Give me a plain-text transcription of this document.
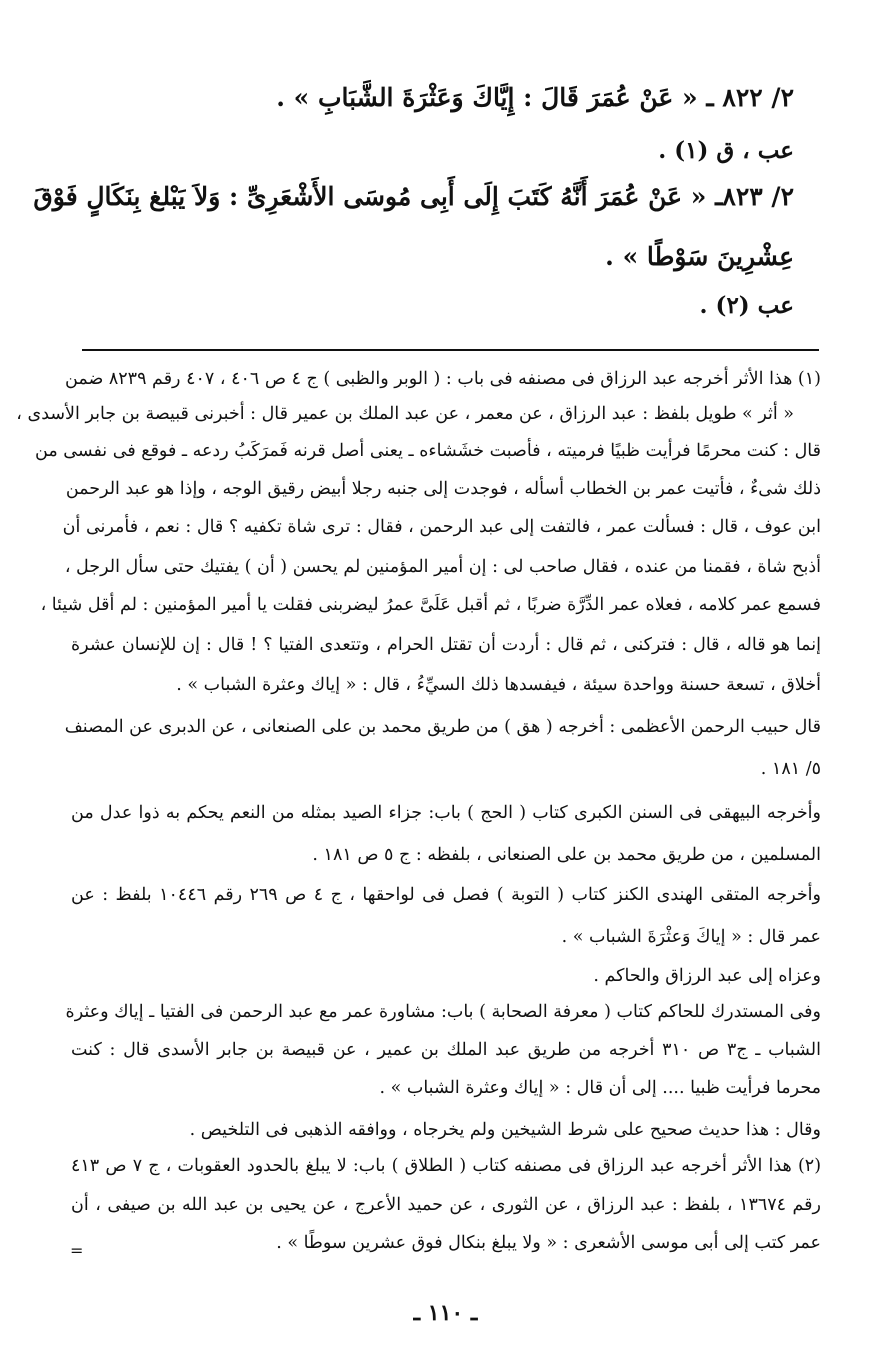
٢/ ٨٢٢ ـ « عَنْ عُمَرَ قَالَ : إِيَّاكَ وَعَثْرَةَ الشَّبَابِ » .
عب ، ق (١) .
٢/ ٨٢٣ـ « عَنْ عُمَرَ أَنَّهُ كَتَبَ إِلَى أَبِى مُوسَى الأَشْعَرِىِّ : وَلاَ يَبْلغ بِنَكَالٍ فَوْقَ
عِشْرِينَ سَوْطًا » .
عب (٢) .
(١) هذا الأثر أخرجه عبد الرزاق فى مصنفه فى باب : ( الوبر والظبى ) ج ٤ ص ٤٠٦ ، ٤٠٧ رقم ٨٢٣٩ ضمن
« أثر » طويل بلفظ : عبد الرزاق ، عن معمر ، عن عبد الملك بن عمير قال : أخبرنى قبيصة بن جابر الأسدى ،
قال : كنت محرمًا فرأيت ظبيًا فرميته ، فأصبت خشَشاءه ـ يعنى أصل قرنه فَمرَكَبُ ردعه ـ فوقع فى نفسى من
ذلك شىءٌ ، فأتيت عمر بن الخطاب أسأله ، فوجدت إلى جنبه رجلا أبيض رقيق الوجه ، وإذا هو عبد الرحمن
ابن عوف ، قال : فسألت عمر ، فالتفت إلى عبد الرحمن ، فقال : ترى شاة تكفيه ؟ قال : نعم ، فأمرنى أن
أذبح شاة ، فقمنا من عنده ، فقال صاحب لى : إن أمير المؤمنين لم يحسن ( أن ) يفتيك حتى سأل الرجل ،
فسمع عمر كلامه ، فعلاه عمر الدِّرَّة ضربًا ، ثم أقبل عَلَىَّ عمرُ ليضربنى فقلت يا أمير المؤمنين : لم أقل شيئا ،
إنما هو قاله ، قال : فتركنى ، ثم قال : أردت أن تقتل الحرام ، وتتعدى الفتيا ؟ ! قال : إن للإنسان عشرة
أخلاق ، تسعة حسنة وواحدة سيئة ، فيفسدها ذلك السيِّءُ ، قال : « إياك وعثرة الشباب » .
قال حبيب الرحمن الأعظمى : أخرجه ( هق ) من طريق محمد بن على الصنعانى ، عن الدبرى عن المصنف
٥/ ١٨١ .
وأخرجه البيهقى فى السنن الكبرى كتاب ( الحج ) باب: جزاء الصيد بمثله من النعم يحكم به ذوا عدل من
المسلمين ، من طريق محمد بن على الصنعانى ، بلفظه : ج ٥ ص ١٨١ .
وأخرجه المتقى الهندى الكنز كتاب ( التوبة ) فصل فى لواحقها ، ج ٤ ص ٢٦٩ رقم ١٠٤٤٦ بلفظ : عن
عمر قال : « إياكَ وَعثْرَةَ الشباب » .
وعزاه إلى عبد الرزاق والحاكم .
وفى المستدرك للحاكم كتاب ( معرفة الصحابة ) باب: مشاورة عمر مع عبد الرحمن فى الفتيا ـ إياك وعثرة
الشباب ـ ج٣ ص ٣١٠ أخرجه من طريق عبد الملك بن عمير ، عن قبيصة بن جابر الأسدى قال : كنت
محرما فرأيت ظبيا .... إلى أن قال : « إياك وعثرة الشباب » .
وقال : هذا حديث صحيح على شرط الشيخين ولم يخرجاه ، ووافقه الذهبى فى التلخيص .
(٢) هذا الأثر أخرجه عبد الرزاق فى مصنفه كتاب ( الطلاق ) باب: لا يبلغ بالحدود العقوبات ، ج ٧ ص ٤١٣
رقم ١٣٦٧٤ ، بلفظ : عبد الرزاق ، عن الثورى ، عن حميد الأعرج ، عن يحيى بن عبد الله بن صيفى ، أن
عمر كتب إلى أبى موسى الأشعرى : « ولا يبلغ بنكال فوق عشرين سوطًا » .
=
ـ ١١٠ ـ
